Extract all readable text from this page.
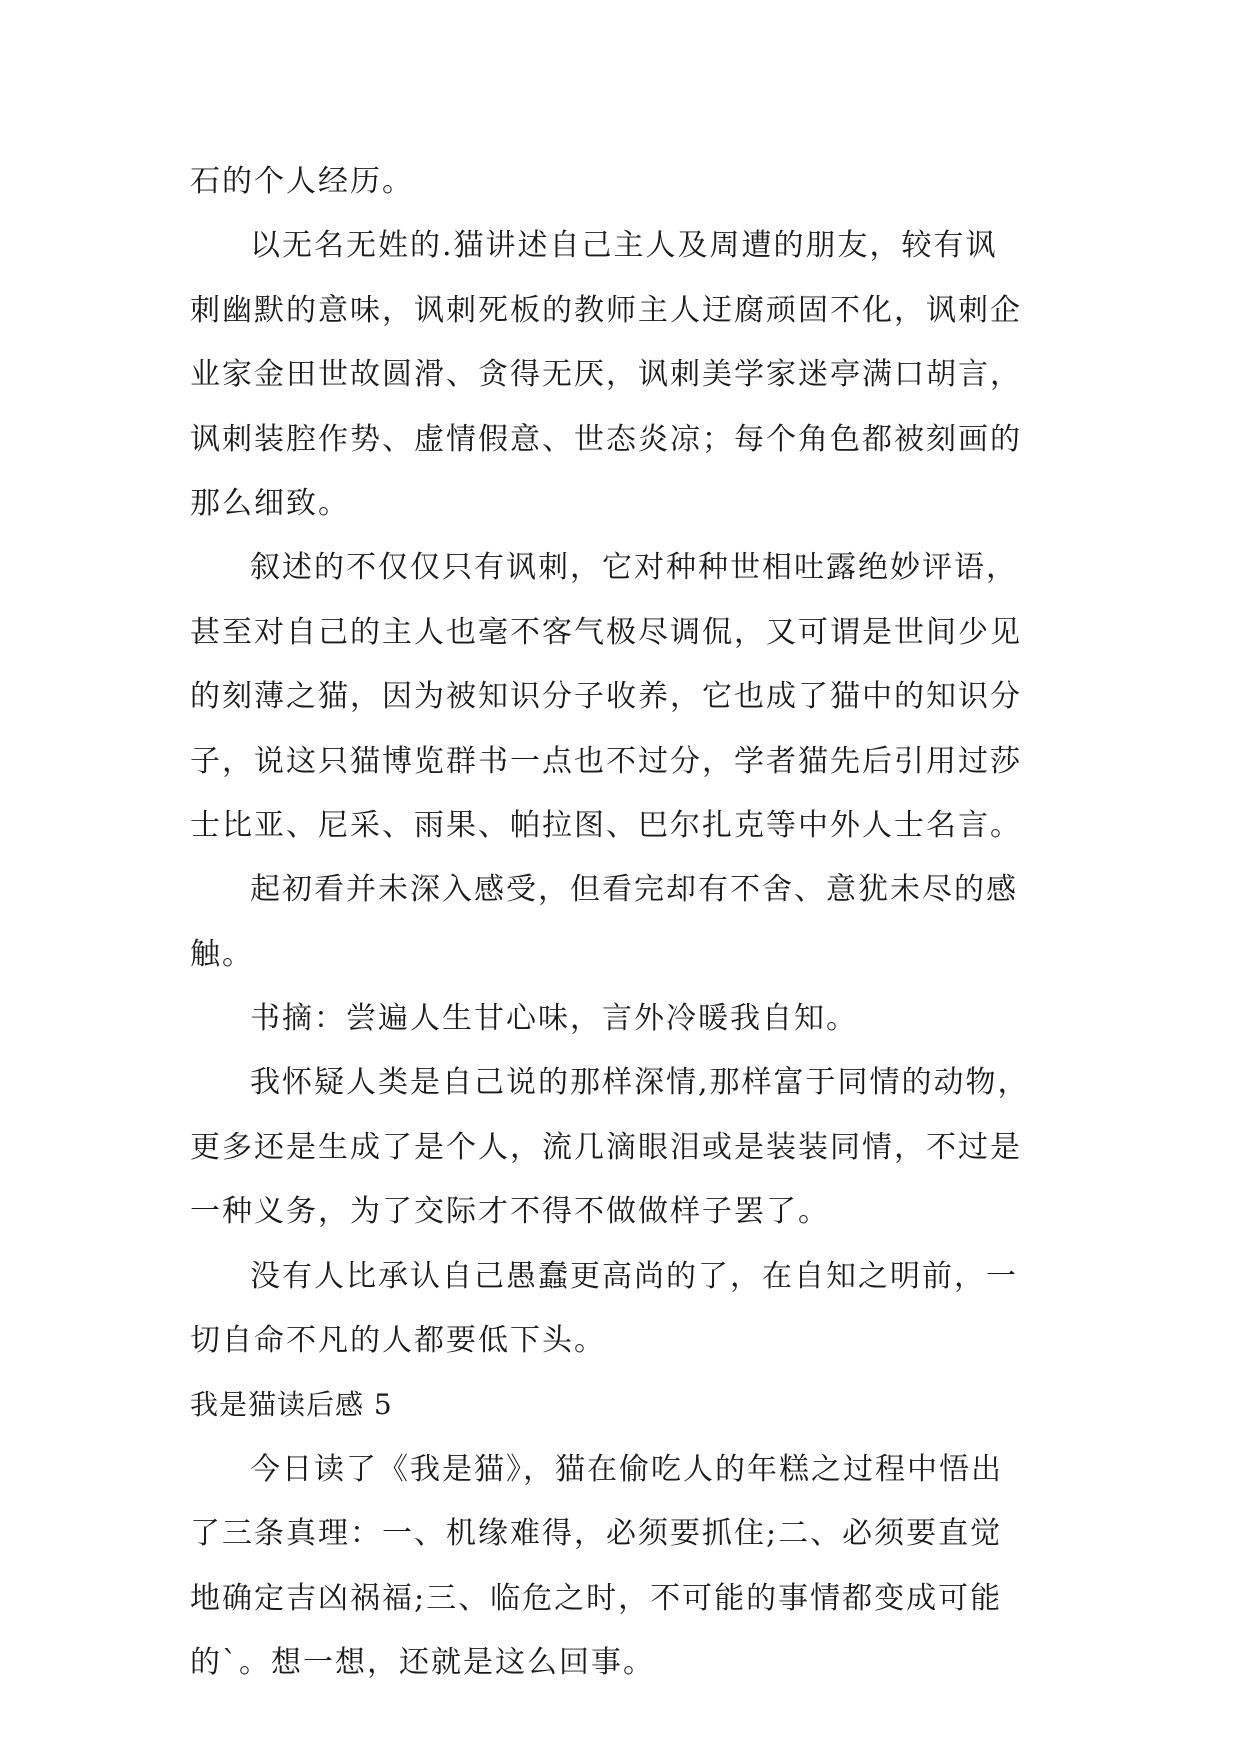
石的个人经历。
以无名无姓的.猫讲述自己主人及周遭的朋友，较有讽
刺幽默的意味，讽刺死板的教师主人迂腐顽固不化，讽刺企
业家金田世故圆滑、贪得无厌，讽刺美学家迷亭满口胡言，
讽刺装腔作势、虚情假意、世态炎凉；每个角色都被刻画的
那么细致。
叙述的不仅仅只有讽刺，它对种种世相吐露绝妙评语，
甚至对自己的主人也毫不客气极尽调侃，又可谓是世间少见
的刻薄之猫，因为被知识分子收养，它也成了猫中的知识分
子，说这只猫博览群书一点也不过分，学者猫先后引用过莎
士比亚、尼采、雨果、帕拉图、巴尔扎克等中外人士名言。
起初看并未深入感受，但看完却有不舍、意犹未尽的感
触。
书摘：尝遍人生甘心味，言外冷暖我自知。
我怀疑人类是自己说的那样深情,那样富于同情的动物，
更多还是生成了是个人，流几滴眼泪或是装装同情，不过是
一种义务，为了交际才不得不做做样子罢了。
没有人比承认自己愚蠢更高尚的了，在自知之明前，一
切自命不凡的人都要低下头。
我是猫读后感 5
今日读了《我是猫》，猫在偷吃人的年糕之过程中悟出
了三条真理：一、机缘难得，必须要抓住;二、必须要直觉
地确定吉凶祸福;三、临危之时，不可能的事情都变成可能
的`。想一想，还就是这么回事。
